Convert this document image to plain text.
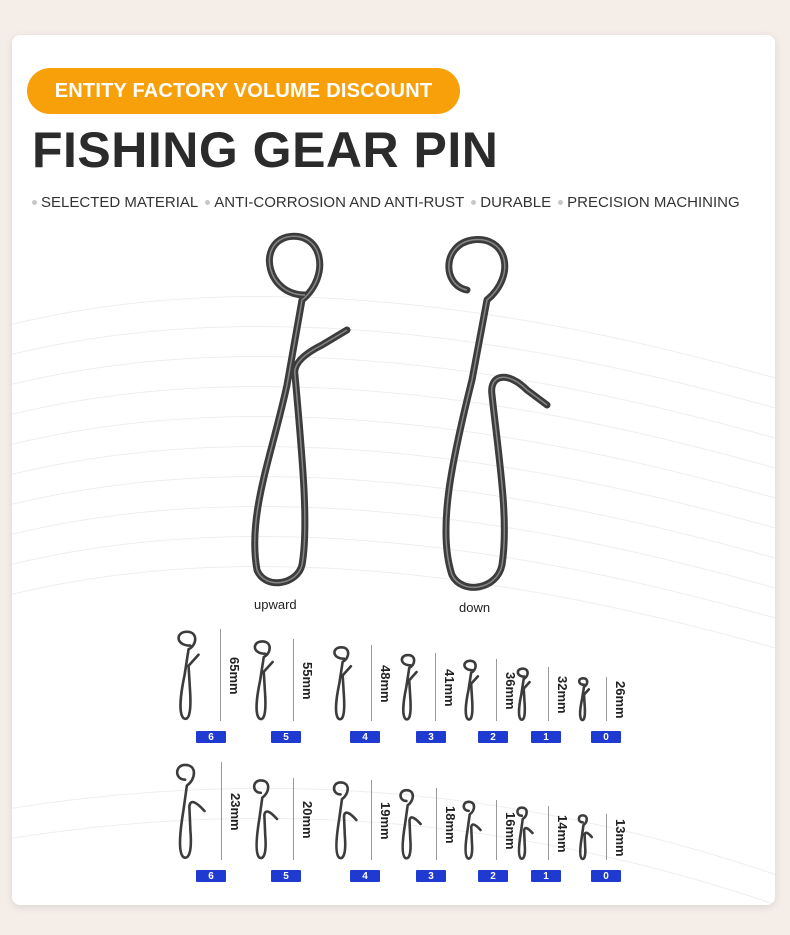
ENTITY FACTORY VOLUME DISCOUNT
FISHING GEAR PIN
SELECTED MATERIAL ANTI-CORROSION AND ANTI-RUST DURABLE PRECISION MACHINING
upward	down
65mm
6
55mm
5
48mm
4
41mm
3
36mm
2
32mm
1
26mm
0
23mm
6
20mm
5
19mm
4
18mm
3
16mm
2
14mm
1
13mm
0
